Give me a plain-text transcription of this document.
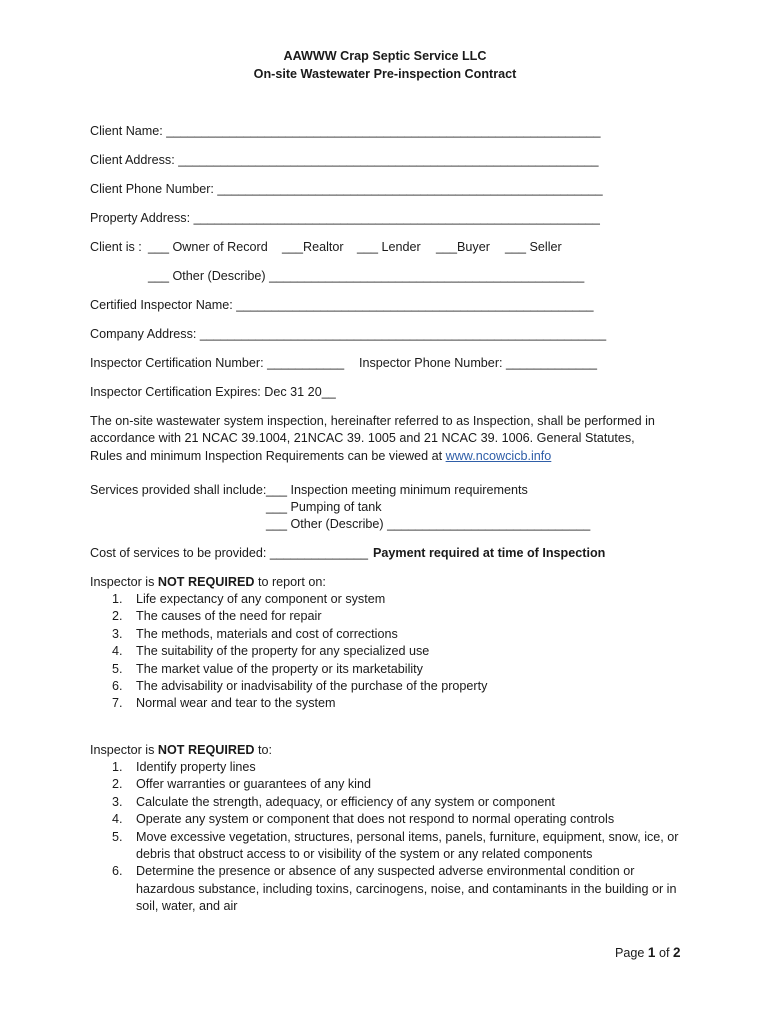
AAWWW Crap Septic Service LLC
On-site Wastewater Pre-inspection Contract
Client Name: ______________________________________________________________
Client Address: ____________________________________________________________
Client Phone Number: _______________________________________________________
Property Address: __________________________________________________________
Client is : ___ Owner of Record ___Realtor ___ Lender ___Buyer ___ Seller
___ Other (Describe) _____________________________________________
Certified Inspector Name: ___________________________________________________
Company Address: __________________________________________________________
Inspector Certification Number: ___________ Inspector Phone Number: _____________
Inspector Certification Expires: Dec 31 20__
The on-site wastewater system inspection, hereinafter referred to as Inspection, shall be performed in accordance with 21 NCAC 39.1004, 21NCAC 39. 1005 and 21 NCAC 39. 1006. General Statutes, Rules and minimum Inspection Requirements can be viewed at www.ncowcicb.info
Services provided shall include: ___ Inspection meeting minimum requirements
___ Pumping of tank
___ Other (Describe) _____________________________
Cost of services to be provided: ______________ Payment required at time of Inspection
Inspector is NOT REQUIRED to report on:
1. Life expectancy of any component or system
2. The causes of the need for repair
3. The methods, materials and cost of corrections
4. The suitability of the property for any specialized use
5. The market value of the property or its marketability
6. The advisability or inadvisability of the purchase of the property
7. Normal wear and tear to the system
Inspector is NOT REQUIRED to:
1. Identify property lines
2. Offer warranties or guarantees of any kind
3. Calculate the strength, adequacy, or efficiency of any system or component
4. Operate any system or component that does not respond to normal operating controls
5. Move excessive vegetation, structures, personal items, panels, furniture, equipment, snow, ice, or debris that obstruct access to or visibility of the system or any related components
6. Determine the presence or absence of any suspected adverse environmental condition or hazardous substance, including toxins, carcinogens, noise, and contaminants in the building or in soil, water, and air
Page 1 of 2
